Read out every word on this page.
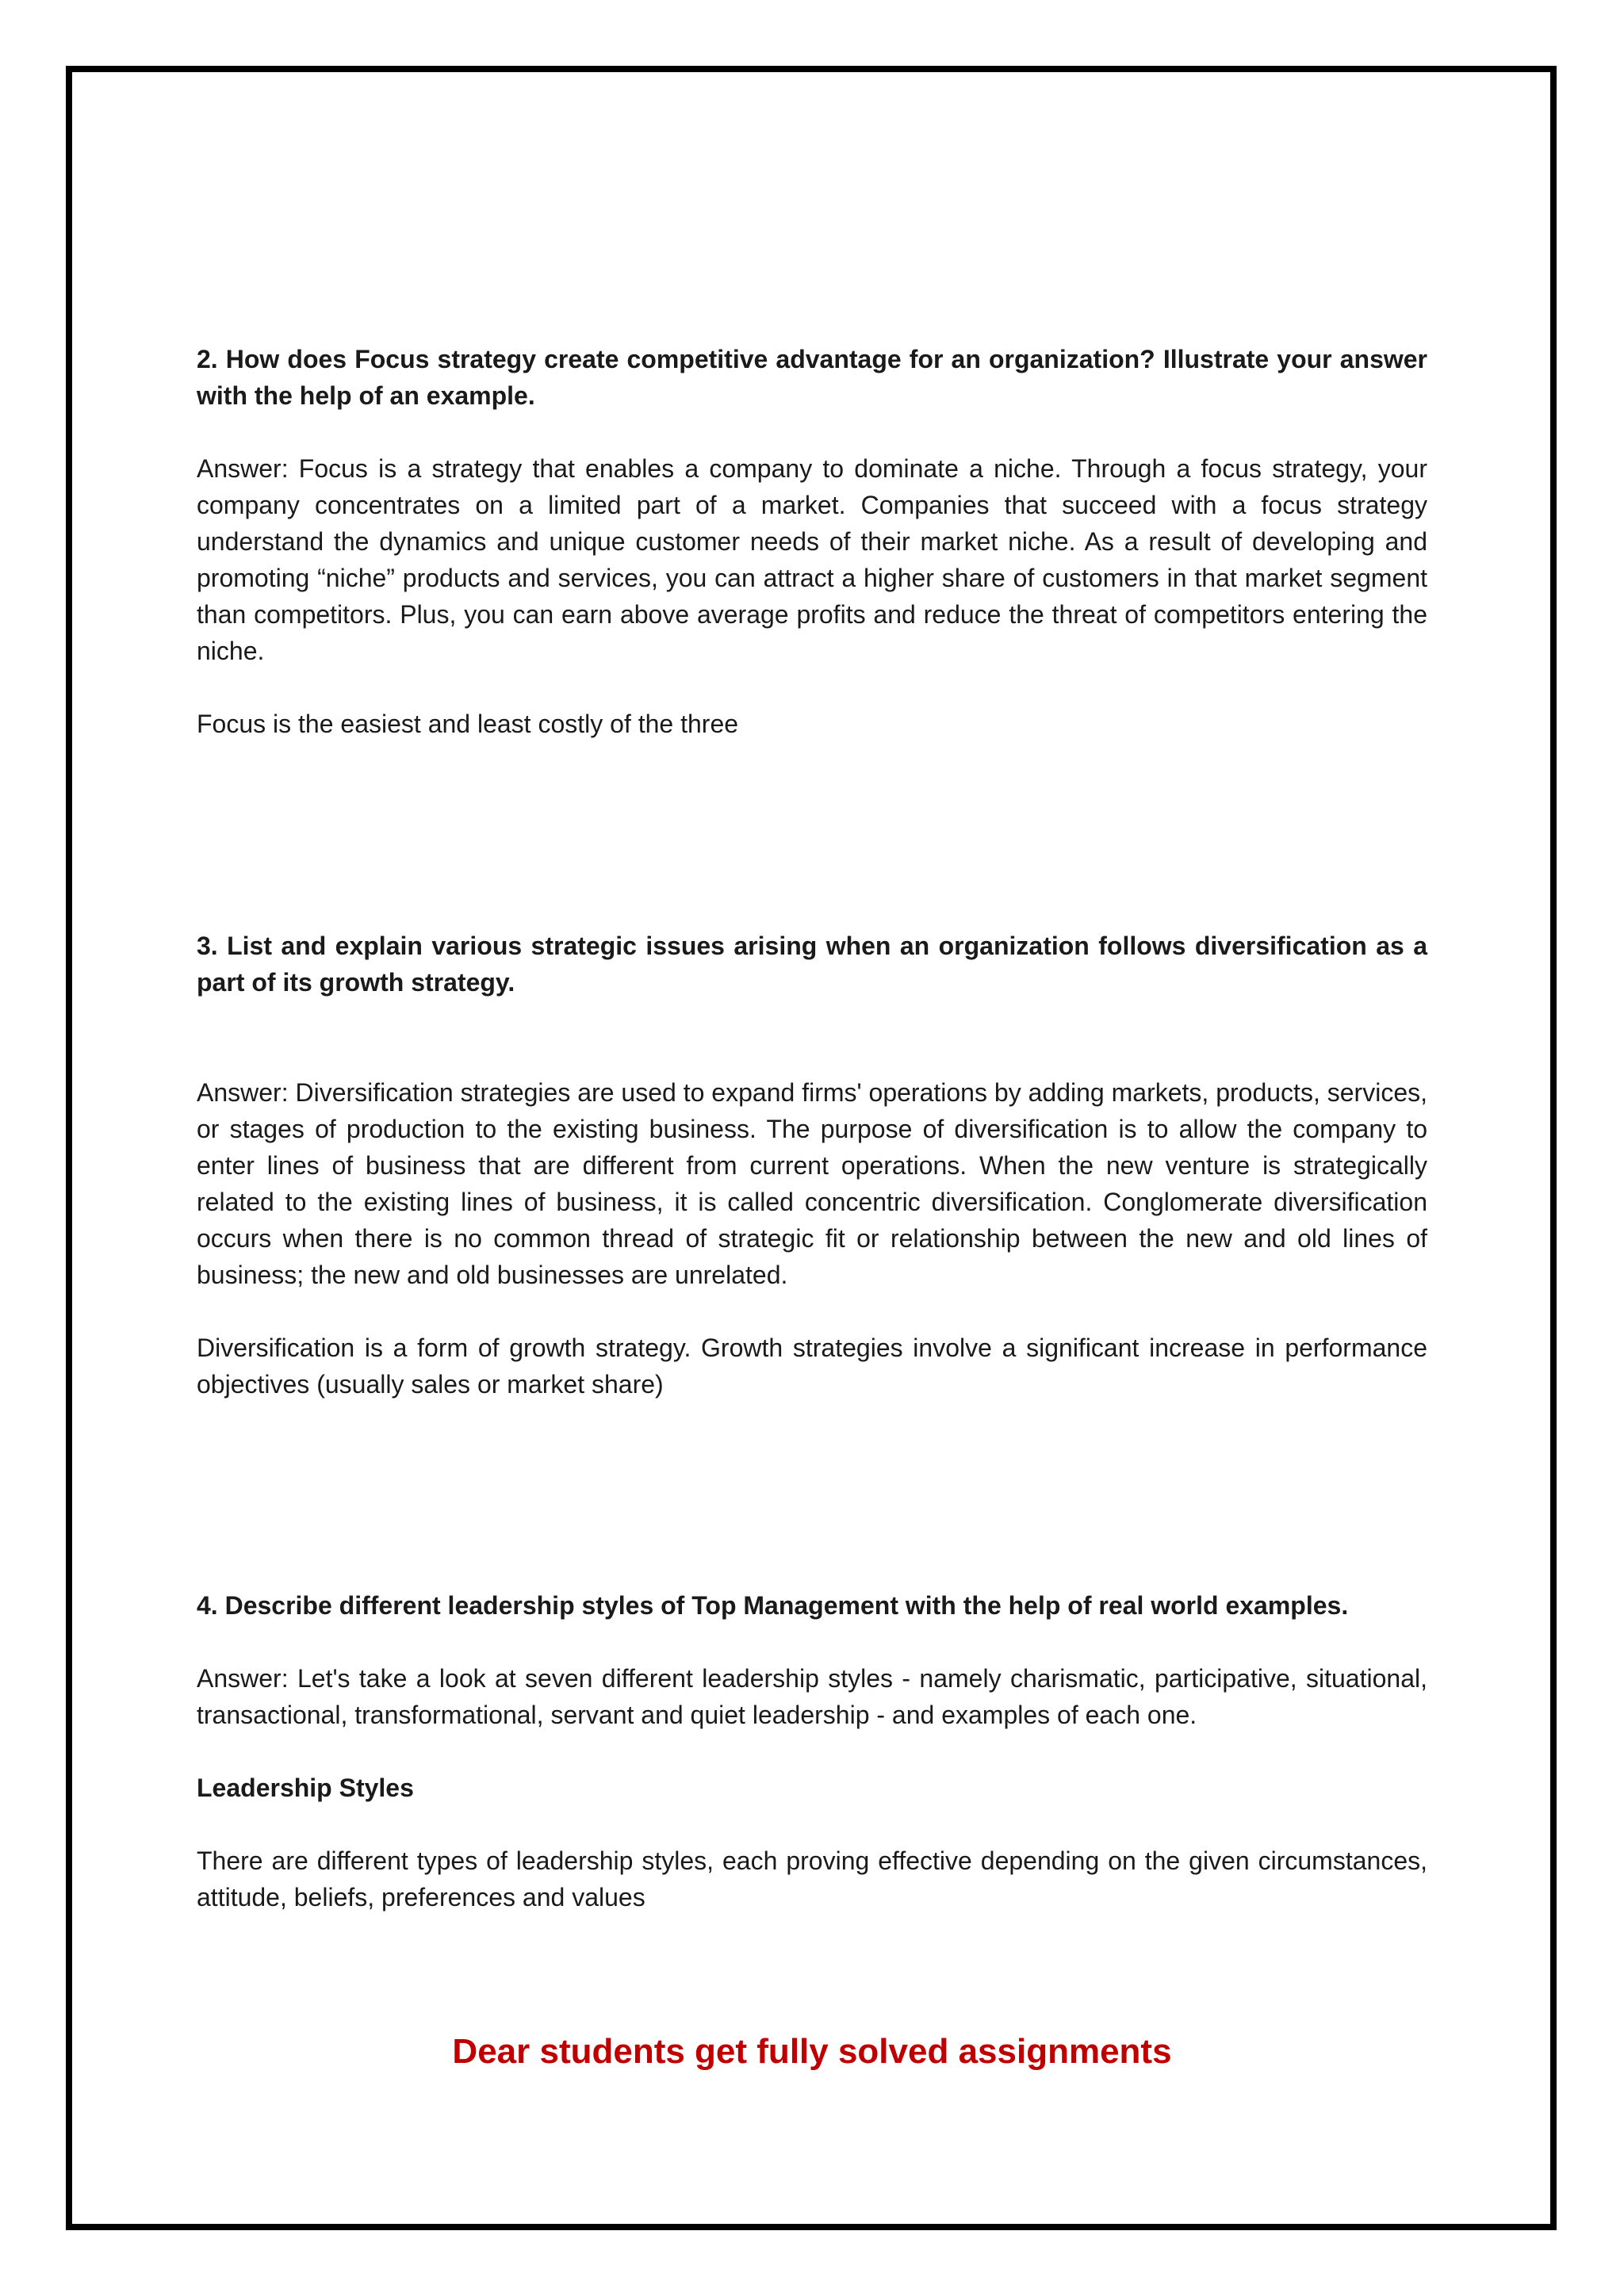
2. How does Focus strategy create competitive advantage for an organization? Illustrate your answer with the help of an example.

Answer: Focus is a strategy that enables a company to dominate a niche. Through a focus strategy, your company concentrates on a limited part of a market. Companies that succeed with a focus strategy understand the dynamics and unique customer needs of their market niche. As a result of developing and promoting “niche” products and services, you can attract a higher share of customers in that market segment than competitors. Plus, you can earn above average profits and reduce the threat of competitors entering the niche.

Focus is the easiest and least costly of the three

3. List and explain various strategic issues arising when an organization follows diversification as a part of its growth strategy.

Answer: Diversification strategies are used to expand firms' operations by adding markets, products, services, or stages of production to the existing business. The purpose of diversification is to allow the company to enter lines of business that are different from current operations. When the new venture is strategically related to the existing lines of business, it is called concentric diversification. Conglomerate diversification occurs when there is no common thread of strategic fit or relationship between the new and old lines of business; the new and old businesses are unrelated.

Diversification is a form of growth strategy. Growth strategies involve a significant increase in performance objectives (usually sales or market share)

4. Describe different leadership styles of Top Management with the help of real world examples.

Answer: Let's take a look at seven different leadership styles - namely charismatic, participative, situational, transactional, transformational, servant and quiet leadership - and examples of each one.

Leadership Styles

There are different types of leadership styles, each proving effective depending on the given circumstances, attitude, beliefs, preferences and values

Dear students get fully solved assignments
